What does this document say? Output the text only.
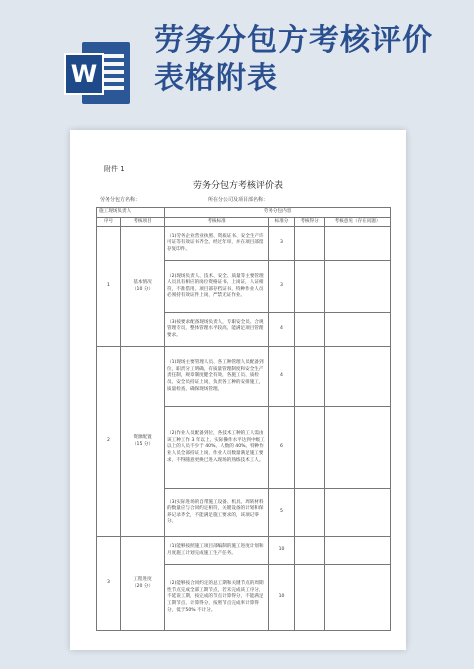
W
劳务分包方考核评价表格附表
附件 1
劳务分包方考核评价表
劳务分包方名称：	所在分公司及项目部名称：
施工现场负责人		劳务分包内容			
序号	考核项目	考核标准	标准分	考核得分	考核意见（存在问题）
1	基本情况
（10 分）	（1)劳务企业营业执照、资质证书、安全生产许可证等有效证书齐全。经过年审，并在项目部留存复印件。	3		
		（2)现场负责人、技术、安全、质量等主要管理人员具有相应的岗位资格证书、上岗证，人证相符，不准借用。项目部存档证书，特种作业人员必须持有效证件上岗，严禁无证作业。	3		
		（3)按要求配备现场负责人，专职安全员、合规管理专员，整体管理水平较高，能满足项目管理要求。	4		
2	资源配置
（15 分）	（1)现场主要管理人员、各工种管理人员配备到位，职责分工明确，有质量管理制度和安全生产责任制，规章制度健全有效，各施工员、质检员、安全员持证上岗，负责各工种的安排施工，质量检查，确保现场管理。	4		
		（2)作业人员配备到位，各技术工种的工人需由该工种工作 3 年以上，实际操作水平达到中级工以上的人员不少于 40%，人数的 40%。特种作业人员全部持证上岗，作业人员数量满足施工要求，不得随意更换已进入现场的熟练技术工人。	6		
		（3)实际进场的自带施工设备、机具、周转材料的数量应与合同约定相符，关键设备的计划和保养记录齐全，不能满足施工要求的，该项记零分。	5		
3	工程进度
（20 分）	（1)能够按照施工项目部编制的施工进度计划和月度施工计划完成施工生产任务。	10		
		（2)能够按合同约定的总工期和关键节点的周期性节点完成全部工期节点，若未完成该工序分，不延误工期，按完成的节点计算得分，不能满足工期节点，计算得分，按照节点完成率计算得分，低于50% 不计分。	10		
